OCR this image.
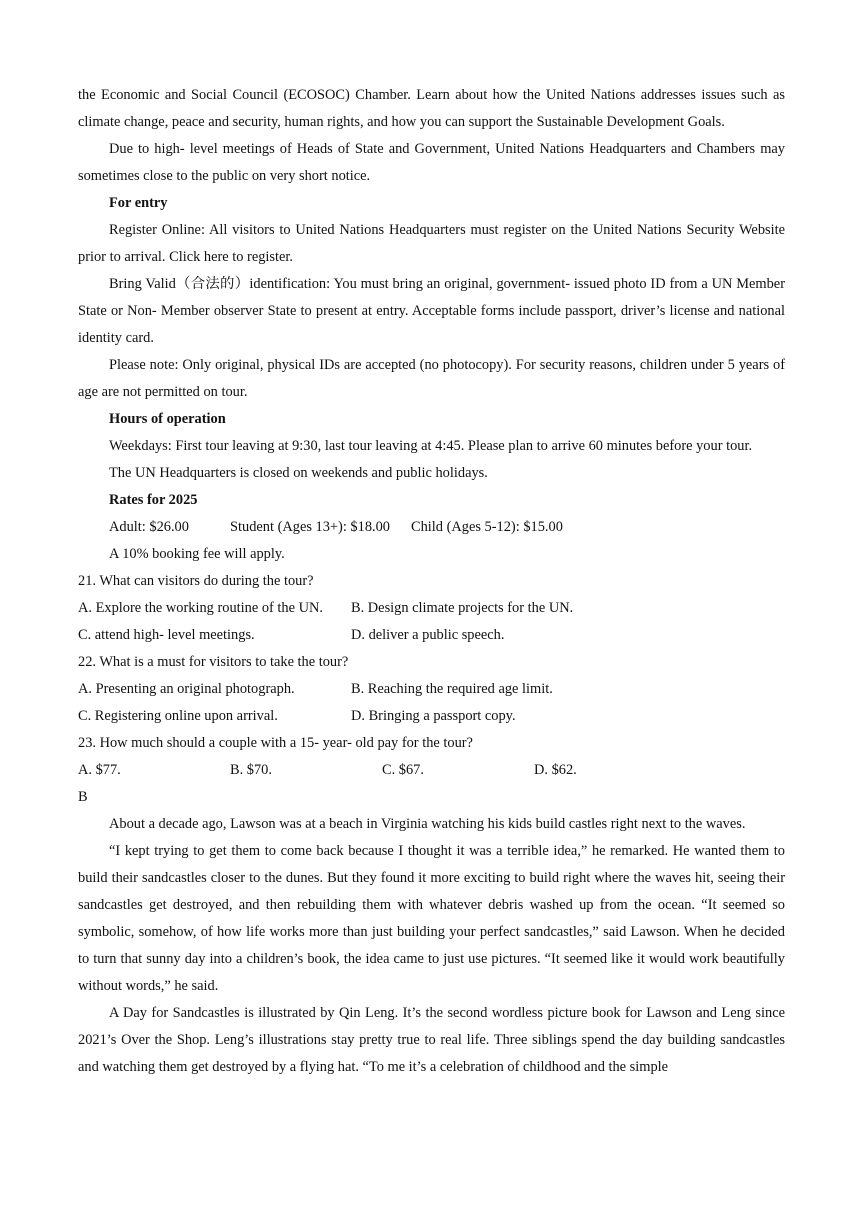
the Economic and Social Council (ECOSOC) Chamber. Learn about how the United Nations addresses issues such as climate change, peace and security, human rights, and how you can support the Sustainable Development Goals.

Due to high- level meetings of Heads of State and Government, United Nations Headquarters and Chambers may sometimes close to the public on very short notice.

For entry

Register Online: All visitors to United Nations Headquarters must register on the United Nations Security Website prior to arrival. Click here to register.

Bring Valid（合法的）identification: You must bring an original, government- issued photo ID from a UN Member State or Non- Member observer State to present at entry. Acceptable forms include passport, driver’s license and national identity card.

Please note: Only original, physical IDs are accepted (no photocopy). For security reasons, children under 5 years of age are not permitted on tour.

Hours of operation

Weekdays: First tour leaving at 9:30, last tour leaving at 4:45. Please plan to arrive 60 minutes before your tour.

The UN Headquarters is closed on weekends and public holidays.

Rates for 2025

Adult: $26.00	Student (Ages 13+): $18.00 Child (Ages 5-12): $15.00

A 10% booking fee will apply.

21. What can visitors do during the tour?

A. Explore the working routine of the UN. B. Design climate projects for the UN.
C. attend high- level meetings.	D. deliver a public speech.

22. What is a must for visitors to take the tour?

A. Presenting an original photograph.	B. Reaching the required age limit.
C. Registering online upon arrival.	D. Bringing a passport copy.

23. How much should a couple with a 15- year- old pay for the tour?

A. $77.	B. $70.	C. $67.	D. $62.

B

About a decade ago, Lawson was at a beach in Virginia watching his kids build castles right next to the waves.

“I kept trying to get them to come back because I thought it was a terrible idea,” he remarked. He wanted them to build their sandcastles closer to the dunes. But they found it more exciting to build right where the waves hit, seeing their sandcastles get destroyed, and then rebuilding them with whatever debris washed up from the ocean. “It seemed so symbolic, somehow, of how life works more than just building your perfect sandcastles,” said Lawson. When he decided to turn that sunny day into a children’s book, the idea came to just use pictures. “It seemed like it would work beautifully without words,” he said.

A Day for Sandcastles is illustrated by Qin Leng. It’s the second wordless picture book for Lawson and Leng since 2021’s Over the Shop. Leng’s illustrations stay pretty true to real life. Three siblings spend the day building sandcastles and watching them get destroyed by a flying hat. “To me it’s a celebration of childhood and the simple
